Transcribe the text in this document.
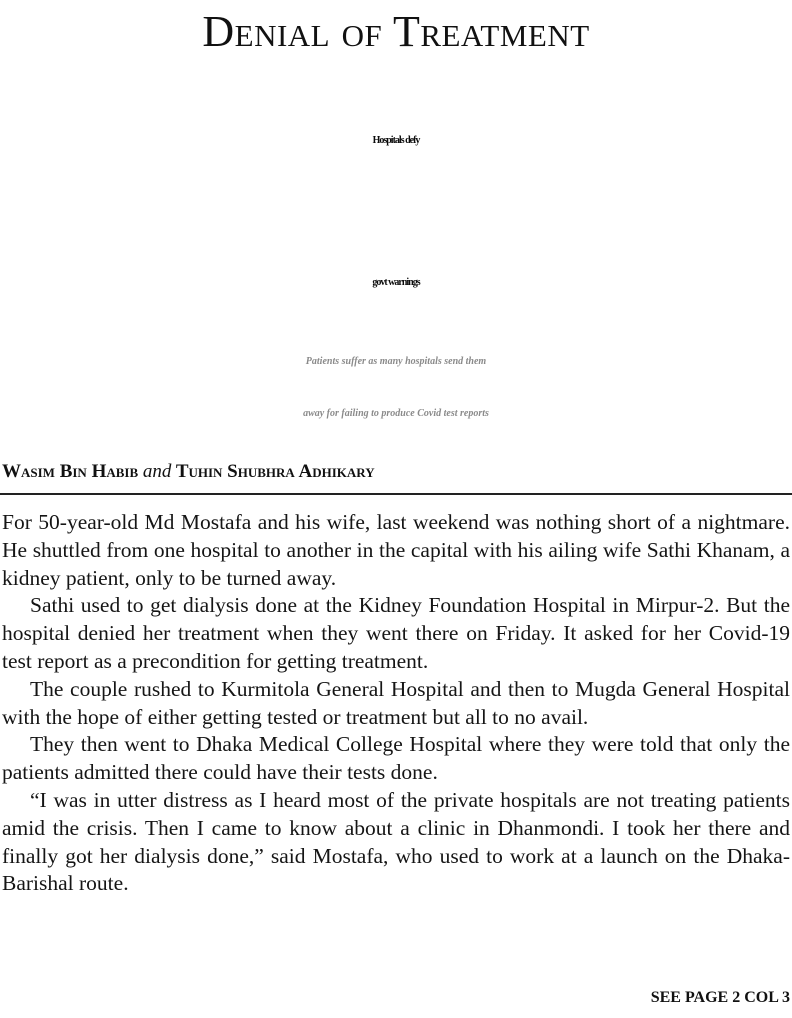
Denial of Treatment
Hospitals defy
govt warnings
Patients suffer as many hospitals send them
away for failing to produce Covid test reports
Wasim Bin Habib and Tuhin Shubhra Adhikary

For 50-year-old Md Mostafa and his wife, last weekend was nothing short of a nightmare. He shuttled from one hospital to another in the capital with his ailing wife Sathi Khanam, a kidney patient, only to be turned away.

Sathi used to get dialysis done at the Kidney Foundation Hospital in Mirpur-2. But the hospital denied her treatment when they went there on Friday. It asked for her Covid-19 test report as a precondition for getting treatment.

The couple rushed to Kurmitola General Hospital and then to Mugda General Hospital with the hope of either getting tested or treatment but all to no avail.

They then went to Dhaka Medical College Hospital where they were told that only the patients admitted there could have their tests done.

“I was in utter distress as I heard most of the private hospitals are not treating patients amid the crisis. Then I came to know about a clinic in Dhanmondi. I took her there and finally got her dialysis done,” said Mostafa, who used to work at a launch on the Dhaka-Barishal route.

SEE PAGE 2 COL 3
